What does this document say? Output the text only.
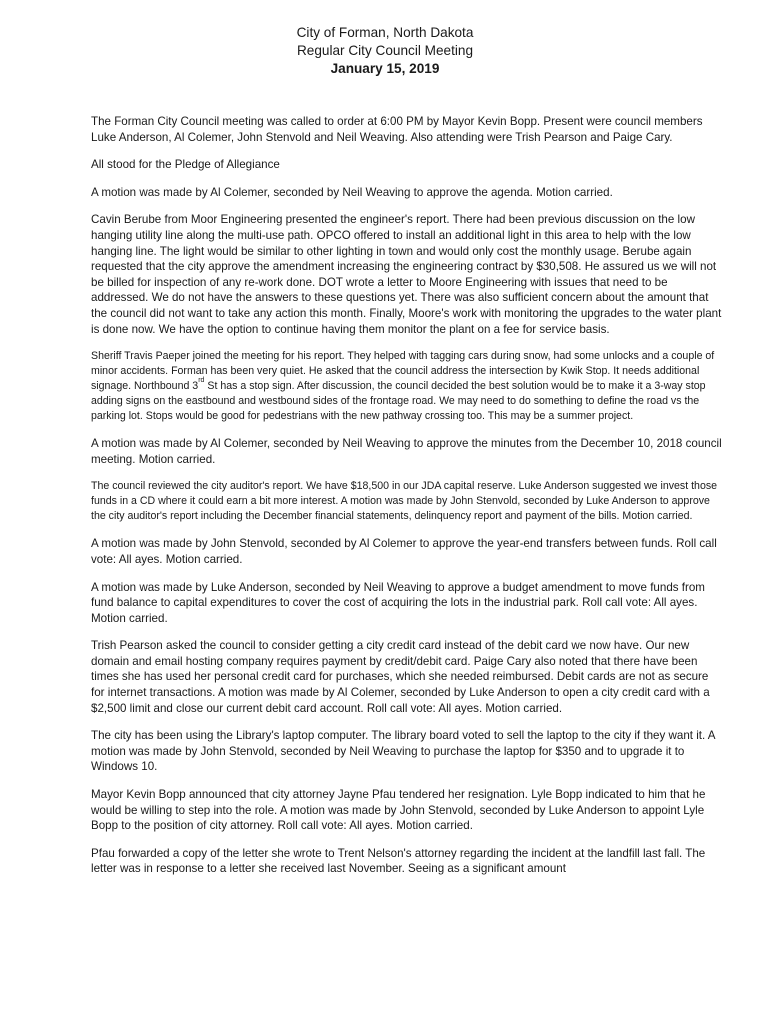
City of Forman, North Dakota
Regular City Council Meeting
January 15, 2019

The Forman City Council meeting was called to order at 6:00 PM by Mayor Kevin Bopp. Present were council members Luke Anderson, Al Colemer, John Stenvold and Neil Weaving. Also attending were Trish Pearson and Paige Cary.

All stood for the Pledge of Allegiance

A motion was made by Al Colemer, seconded by Neil Weaving to approve the agenda. Motion carried.

Cavin Berube from Moor Engineering presented the engineer's report. There had been previous discussion on the low hanging utility line along the multi-use path. OPCO offered to install an additional light in this area to help with the low hanging line. The light would be similar to other lighting in town and would only cost the monthly usage. Berube again requested that the city approve the amendment increasing the engineering contract by $30,508. He assured us we will not be billed for inspection of any re-work done. DOT wrote a letter to Moore Engineering with issues that need to be addressed. We do not have the answers to these questions yet. There was also sufficient concern about the amount that the council did not want to take any action this month. Finally, Moore's work with monitoring the upgrades to the water plant is done now. We have the option to continue having them monitor the plant on a fee for service basis.

Sheriff Travis Paeper joined the meeting for his report. They helped with tagging cars during snow, had some unlocks and a couple of minor accidents. Forman has been very quiet. He asked that the council address the intersection by Kwik Stop. It needs additional signage. Northbound 3rd St has a stop sign. After discussion, the council decided the best solution would be to make it a 3-way stop adding signs on the eastbound and westbound sides of the frontage road. We may need to do something to define the road vs the parking lot. Stops would be good for pedestrians with the new pathway crossing too. This may be a summer project.

A motion was made by Al Colemer, seconded by Neil Weaving to approve the minutes from the December 10, 2018 council meeting. Motion carried.

The council reviewed the city auditor's report. We have $18,500 in our JDA capital reserve. Luke Anderson suggested we invest those funds in a CD where it could earn a bit more interest. A motion was made by John Stenvold, seconded by Luke Anderson to approve the city auditor's report including the December financial statements, delinquency report and payment of the bills. Motion carried.

A motion was made by John Stenvold, seconded by Al Colemer to approve the year-end transfers between funds. Roll call vote: All ayes. Motion carried.

A motion was made by Luke Anderson, seconded by Neil Weaving to approve a budget amendment to move funds from fund balance to capital expenditures to cover the cost of acquiring the lots in the industrial park. Roll call vote: All ayes. Motion carried.

Trish Pearson asked the council to consider getting a city credit card instead of the debit card we now have. Our new domain and email hosting company requires payment by credit/debit card. Paige Cary also noted that there have been times she has used her personal credit card for purchases, which she needed reimbursed. Debit cards are not as secure for internet transactions. A motion was made by Al Colemer, seconded by Luke Anderson to open a city credit card with a $2,500 limit and close our current debit card account. Roll call vote: All ayes. Motion carried.

The city has been using the Library's laptop computer. The library board voted to sell the laptop to the city if they want it. A motion was made by John Stenvold, seconded by Neil Weaving to purchase the laptop for $350 and to upgrade it to Windows 10.

Mayor Kevin Bopp announced that city attorney Jayne Pfau tendered her resignation. Lyle Bopp indicated to him that he would be willing to step into the role. A motion was made by John Stenvold, seconded by Luke Anderson to appoint Lyle Bopp to the position of city attorney. Roll call vote: All ayes. Motion carried.

Pfau forwarded a copy of the letter she wrote to Trent Nelson's attorney regarding the incident at the landfill last fall. The letter was in response to a letter she received last November. Seeing as a significant amount
